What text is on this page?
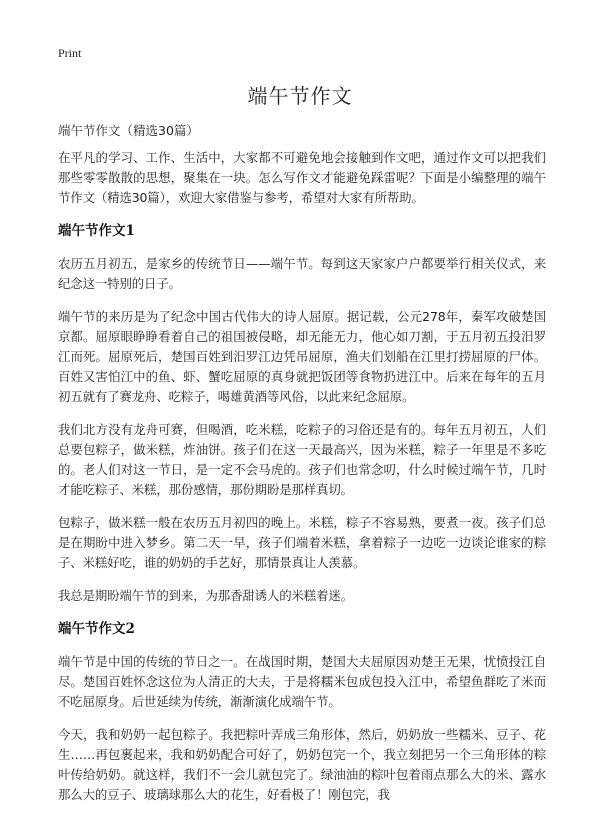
Print
端午节作文
端午节作文（精选30篇）

在平凡的学习、工作、生活中，大家都不可避免地会接触到作文吧，通过作文可以把我们那些零零散散的思想，聚集在一块。怎么写作文才能避免踩雷呢？下面是小编整理的端午节作文（精选30篇），欢迎大家借鉴与参考，希望对大家有所帮助。

端午节作文1

农历五月初五，是家乡的传统节日——端午节。每到这天家家户户都要举行相关仪式，来纪念这一特别的日子。

端午节的来历是为了纪念中国古代伟大的诗人屈原。据记载，公元278年，秦军攻破楚国京都。屈原眼睁睁看着自己的祖国被侵略，却无能无力，他心如刀割，于五月初五投汨罗江而死。屈原死后，楚国百姓到汨罗江边凭吊屈原，渔夫们划船在江里打捞屈原的尸体。百姓又害怕江中的鱼、虾、蟹吃屈原的真身就把饭团等食物扔进江中。后来在每年的五月初五就有了赛龙舟、吃粽子，喝雄黄酒等风俗，以此来纪念屈原。

我们北方没有龙舟可赛，但喝酒，吃米糕，吃粽子的习俗还是有的。每年五月初五，人们总要包粽子，做米糕，炸油饼。孩子们在这一天最高兴，因为米糕，粽子一年里是不多吃的。老人们对这一节日，是一定不会马虎的。孩子们也常念叨，什么时候过端午节，几时才能吃粽子、米糕，那份感情，那份期盼是那样真切。

包粽子，做米糕一般在农历五月初四的晚上。米糕，粽子不容易熟，要煮一夜。孩子们总是在期盼中进入梦乡。第二天一早，孩子们端着米糕，拿着粽子一边吃一边谈论谁家的粽子、米糕好吃，谁的奶奶的手艺好，那情景真让人羡慕。

我总是期盼端午节的到来，为那香甜诱人的米糕着迷。

端午节作文2

端午节是中国的传统的节日之一。在战国时期，楚国大夫屈原因劝楚王无果，忧愤投江自尽。楚国百姓怀念这位为人清正的大夫，于是将糯米包成包投入江中，希望鱼群吃了米而不吃屈原身。后世延续为传统，渐渐演化成端午节。

今天，我和奶奶一起包粽子。我把粽叶弄成三角形体，然后，奶奶放一些糯米、豆子、花生……再包裹起来，我和奶奶配合可好了，奶奶包完一个，我立刻把另一个三角形体的粽叶传给奶奶。就这样，我们不一会儿就包完了。绿油油的粽叶包着雨点那么大的米、露水那么大的豆子、玻璃球那么大的花生，好看极了！刚包完，我
